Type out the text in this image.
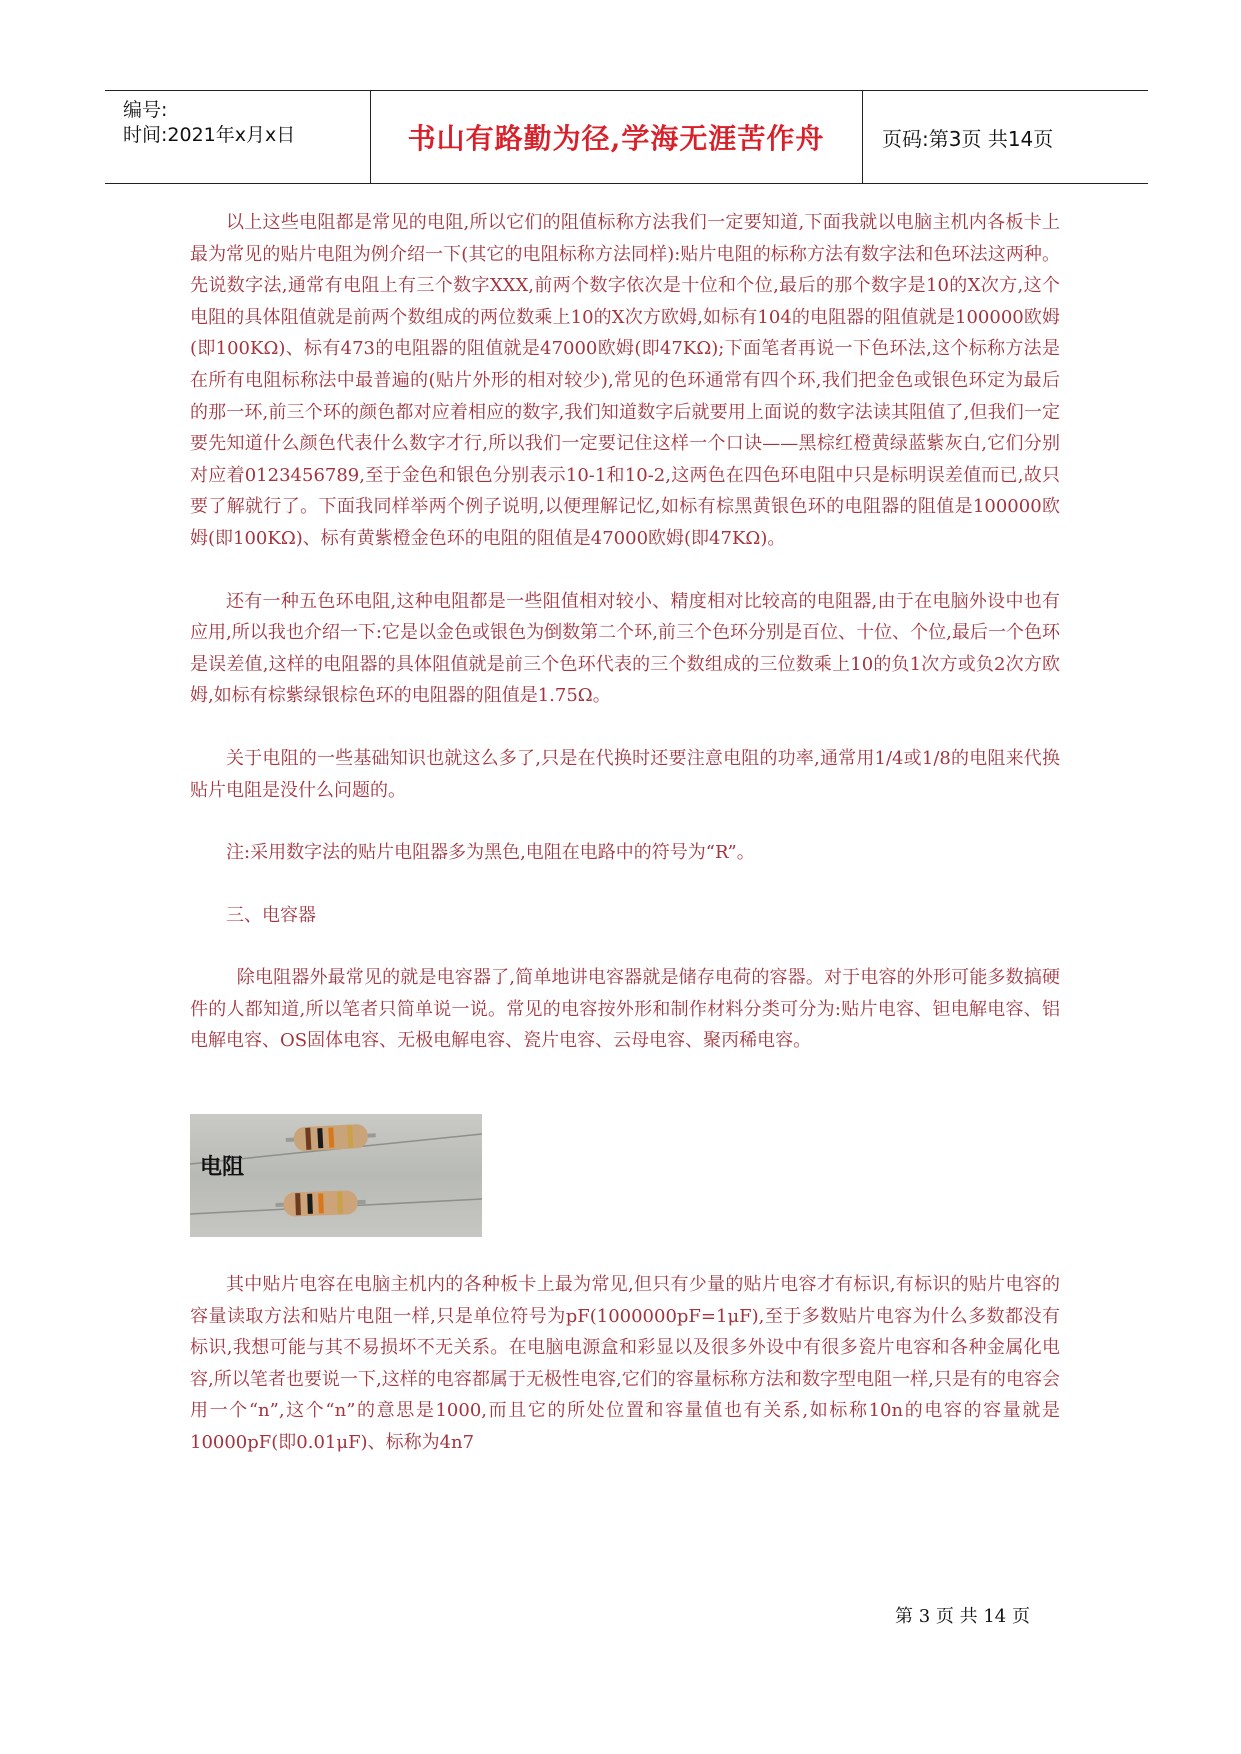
编号:
时间:2021年x月x日	书山有路勤为径,学海无涯苦作舟	页码:第3页 共14页

以上这些电阻都是常见的电阻,所以它们的阻值标称方法我们一定要知道,下面我就以电脑主机内各板卡上最为常见的贴片电阻为例介绍一下(其它的电阻标称方法同样):贴片电阻的标称方法有数字法和色环法这两种。先说数字法,通常有电阻上有三个数字XXX,前两个数字依次是十位和个位,最后的那个数字是10的X次方,这个电阻的具体阻值就是前两个数组成的两位数乘上10的X次方欧姆,如标有104的电阻器的阻值就是100000欧姆(即100KΩ)、标有473的电阻器的阻值就是47000欧姆(即47KΩ);下面笔者再说一下色环法,这个标称方法是在所有电阻标称法中最普遍的(贴片外形的相对较少),常见的色环通常有四个环,我们把金色或银色环定为最后的那一环,前三个环的颜色都对应着相应的数字,我们知道数字后就要用上面说的数字法读其阻值了,但我们一定要先知道什么颜色代表什么数字才行,所以我们一定要记住这样一个口诀——黑棕红橙黄绿蓝紫灰白,它们分别对应着0123456789,至于金色和银色分别表示10-1和10-2,这两色在四色环电阻中只是标明误差值而已,故只要了解就行了。下面我同样举两个例子说明,以便理解记忆,如标有棕黑黄银色环的电阻器的阻值是100000欧姆(即100KΩ)、标有黄紫橙金色环的电阻的阻值是47000欧姆(即47KΩ)。

还有一种五色环电阻,这种电阻都是一些阻值相对较小、精度相对比较高的电阻器,由于在电脑外设中也有应用,所以我也介绍一下:它是以金色或银色为倒数第二个环,前三个色环分别是百位、十位、个位,最后一个色环是误差值,这样的电阻器的具体阻值就是前三个色环代表的三个数组成的三位数乘上10的负1次方或负2次方欧姆,如标有棕紫绿银棕色环的电阻器的阻值是1.75Ω。

关于电阻的一些基础知识也就这么多了,只是在代换时还要注意电阻的功率,通常用1/4或1/8的电阻来代换贴片电阻是没什么问题的。

注:采用数字法的贴片电阻器多为黑色,电阻在电路中的符号为“R”。

三、电容器

除电阻器外最常见的就是电容器了,简单地讲电容器就是储存电荷的容器。对于电容的外形可能多数搞硬件的人都知道,所以笔者只简单说一说。常见的电容按外形和制作材料分类可分为:贴片电容、钽电解电容、铝电解电容、OS固体电容、无极电解电容、瓷片电容、云母电容、聚丙稀电容。

电阻

其中贴片电容在电脑主机内的各种板卡上最为常见,但只有少量的贴片电容才有标识,有标识的贴片电容的容量读取方法和贴片电阻一样,只是单位符号为pF(1000000pF=1μF),至于多数贴片电容为什么多数都没有标识,我想可能与其不易损坏不无关系。在电脑电源盒和彩显以及很多外设中有很多瓷片电容和各种金属化电容,所以笔者也要说一下,这样的电容都属于无极性电容,它们的容量标称方法和数字型电阻一样,只是有的电容会用一个“n”,这个“n”的意思是1000,而且它的所处位置和容量值也有关系,如标称10n的电容的容量就是10000pF(即0.01μF)、标称为4n7

第 3 页 共 14 页
